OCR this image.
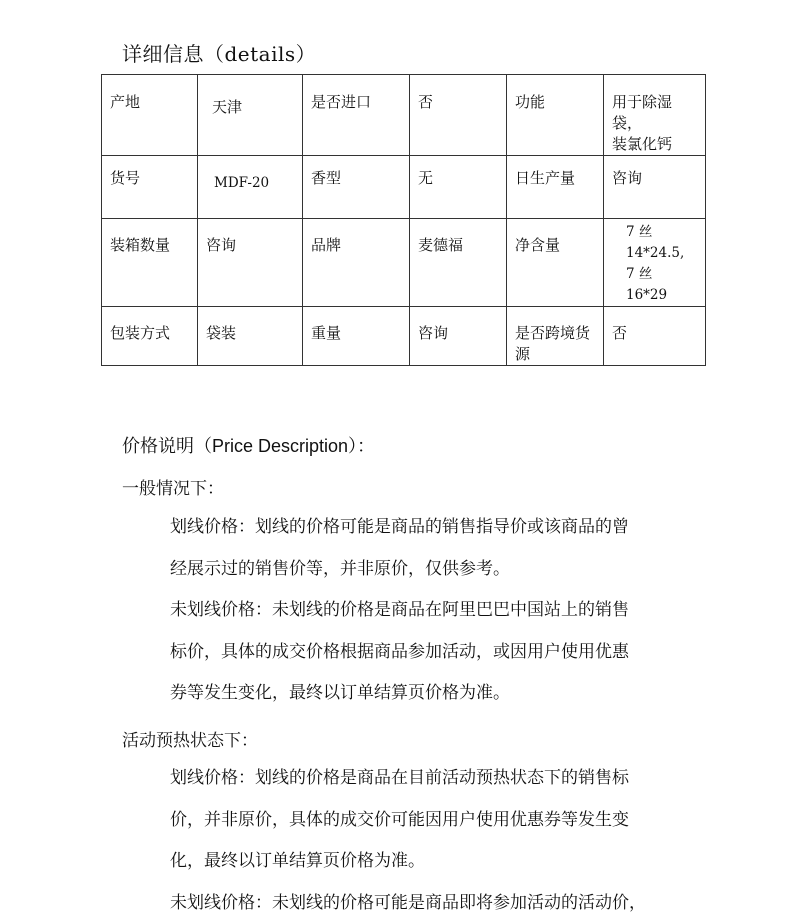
详细信息（details）
产地	天津	是否进口	否	功能	用于除湿袋，
装氯化钙

货号	MDF-20	香型	无	日生产量	咨询

装箱数量	咨询	品牌	麦德福	净含量	7 丝
14*24.5,
7 丝
16*29

包装方式	袋装	重量	咨询	是否跨境货
源	否
价格说明（Price Description）：
一般情况下：

划线价格：划线的价格可能是商品的销售指导价或该商品的曾

经展示过的销售价等，并非原价，仅供参考。

未划线价格：未划线的价格是商品在阿里巴巴中国站上的销售

标价，具体的成交价格根据商品参加活动，或因用户使用优惠

券等发生变化，最终以订单结算页价格为准。

活动预热状态下：

划线价格：划线的价格是商品在目前活动预热状态下的销售标

价，并非原价，具体的成交价可能因用户使用优惠券等发生变

化，最终以订单结算页价格为准。

未划线价格：未划线的价格可能是商品即将参加活动的活动价，
